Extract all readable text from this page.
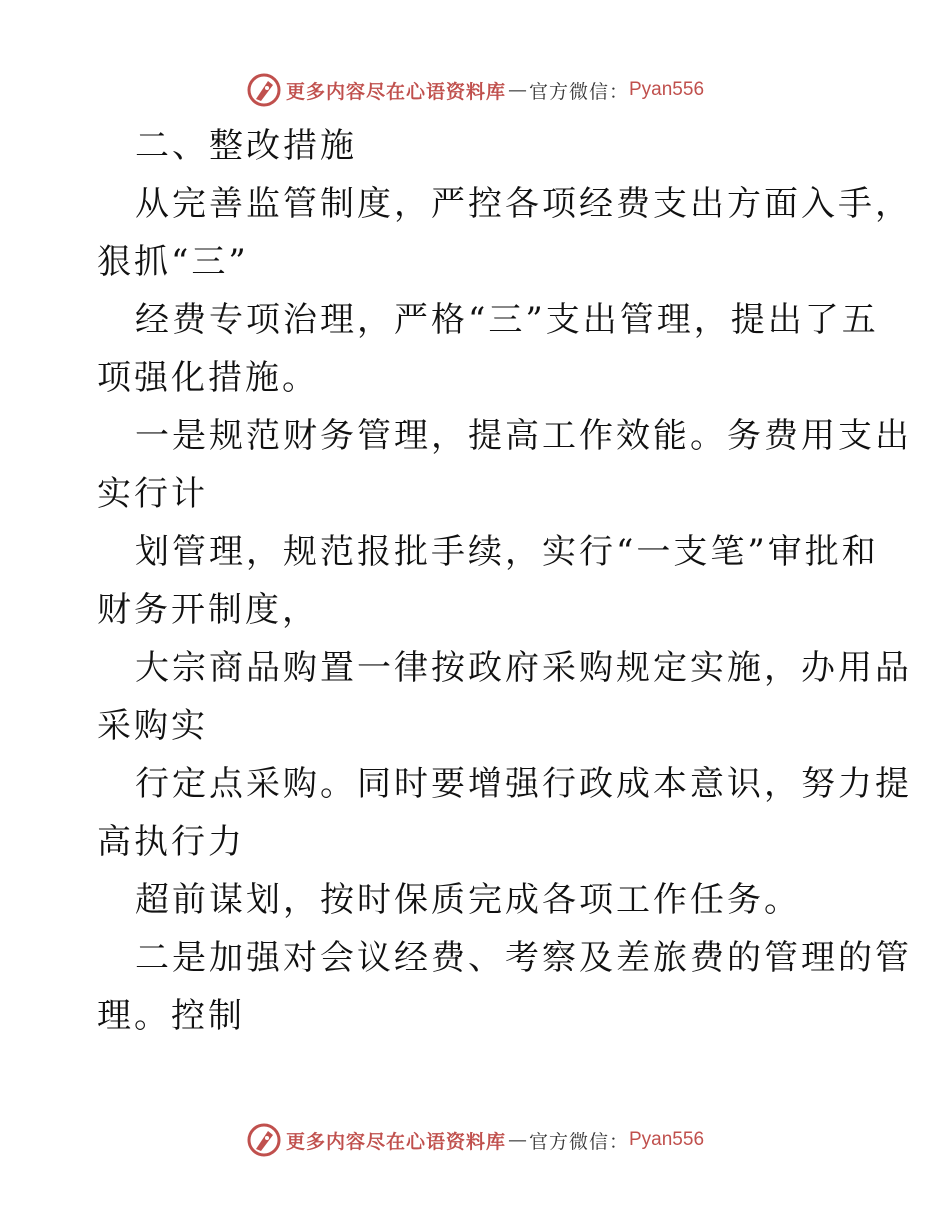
更多内容尽在心语资料库 — 官方微信： Pyan556
二、整改措施
从完善监管制度，严控各项经费支出方面入手，
狠抓“三”
经费专项治理，严格“三”支出管理，提出了五
项强化措施。
一是规范财务管理，提高工作效能。务费用支出
实行计
划管理，规范报批手续，实行“一支笔”审批和
财务开制度，
大宗商品购置一律按政府采购规定实施，办用品
采购实
行定点采购。同时要增强行政成本意识，努力提
高执行力
超前谋划，按时保质完成各项工作任务。
二是加强对会议经费、考察及差旅费的管理的管
理。控制
更多内容尽在心语资料库 — 官方微信： Pyan556
